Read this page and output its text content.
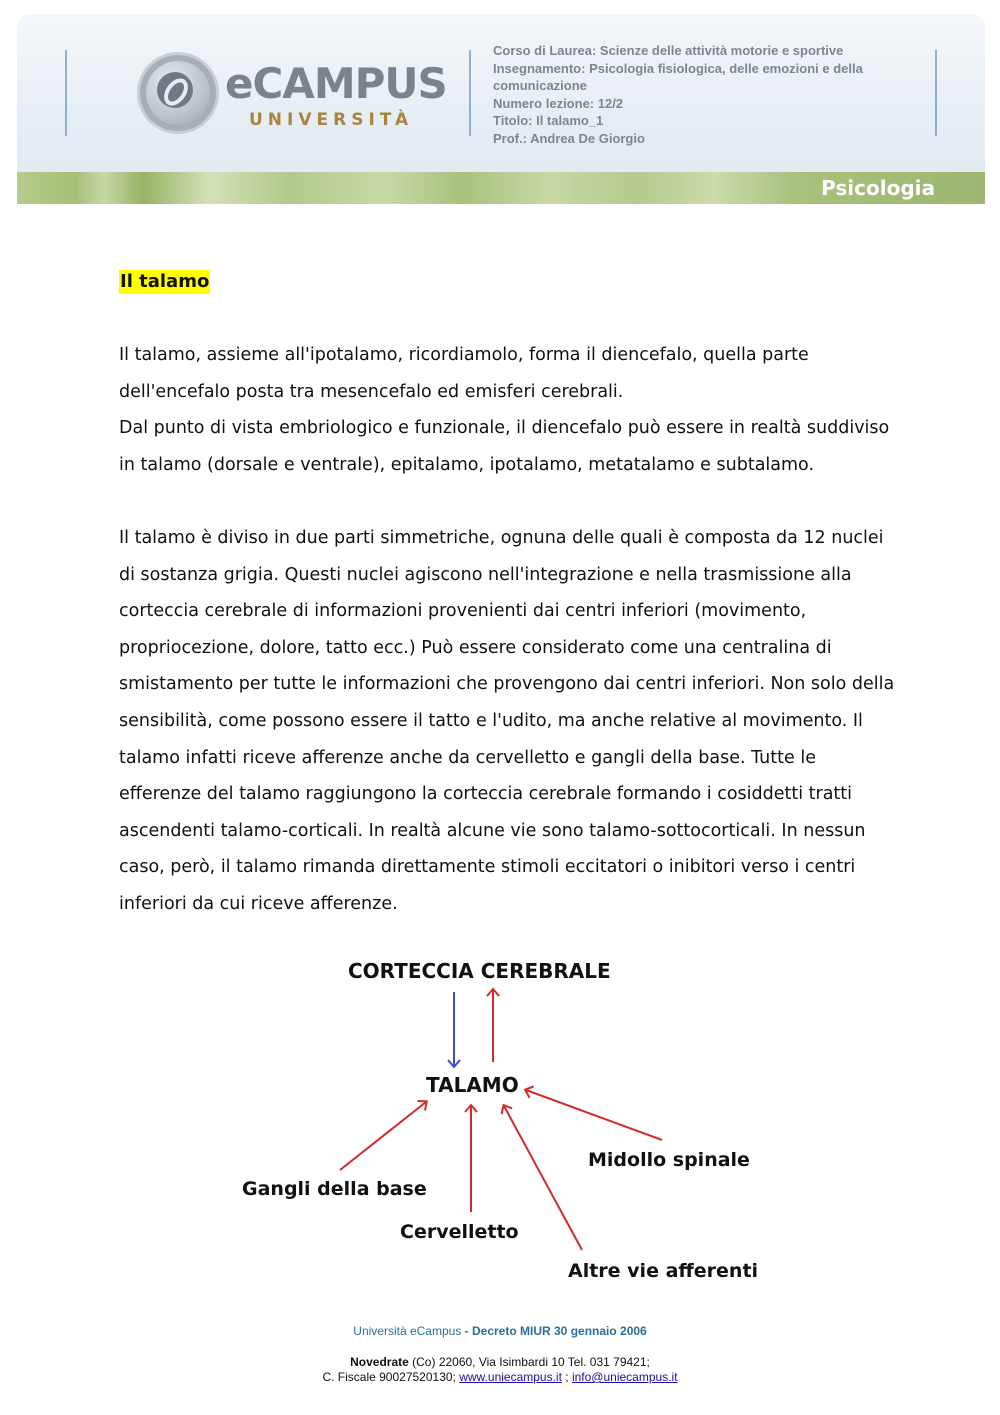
eCAMPUS
UNIVERSITÀ
Corso di Laurea: Scienze delle attività motorie e sportive
Insegnamento: Psicologia fisiologica, delle emozioni e della
comunicazione
Numero lezione: 12/2
Titolo: Il talamo_1
Prof.: Andrea De Giorgio
Psicologia
Il talamo

Il talamo, assieme all'ipotalamo, ricordiamolo, forma il diencefalo, quella parte
dell'encefalo posta tra mesencefalo ed emisferi cerebrali.
Dal punto di vista embriologico e funzionale, il diencefalo può essere in realtà suddiviso
in talamo (dorsale e ventrale), epitalamo, ipotalamo, metatalamo e subtalamo.

Il talamo è diviso in due parti simmetriche, ognuna delle quali è composta da 12 nuclei
di sostanza grigia. Questi nuclei agiscono nell'integrazione e nella trasmissione alla
corteccia cerebrale di informazioni provenienti dai centri inferiori (movimento,
propriocezione, dolore, tatto ecc.) Può essere considerato come una centralina di
smistamento per tutte le informazioni che provengono dai centri inferiori. Non solo della
sensibilità, come possono essere il tatto e l'udito, ma anche relative al movimento. Il
talamo infatti riceve afferenze anche da cervelletto e gangli della base. Tutte le
efferenze del talamo raggiungono la corteccia cerebrale formando i cosiddetti tratti
ascendenti talamo-corticali. In realtà alcune vie sono talamo-sottocorticali. In nessun
caso, però, il talamo rimanda direttamente stimoli eccitatori o inibitori verso i centri
inferiori da cui riceve afferenze.

CORTECCIA CEREBRALE
TALAMO
Gangli della base
Cervelletto
Altre vie afferenti
Midollo spinale
Università eCampus - Decreto MIUR 30 gennaio 2006
Novedrate (Co) 22060, Via Isimbardi 10 Tel. 031 79421;
C. Fiscale 90027520130; www.uniecampus.it ; info@uniecampus.it
